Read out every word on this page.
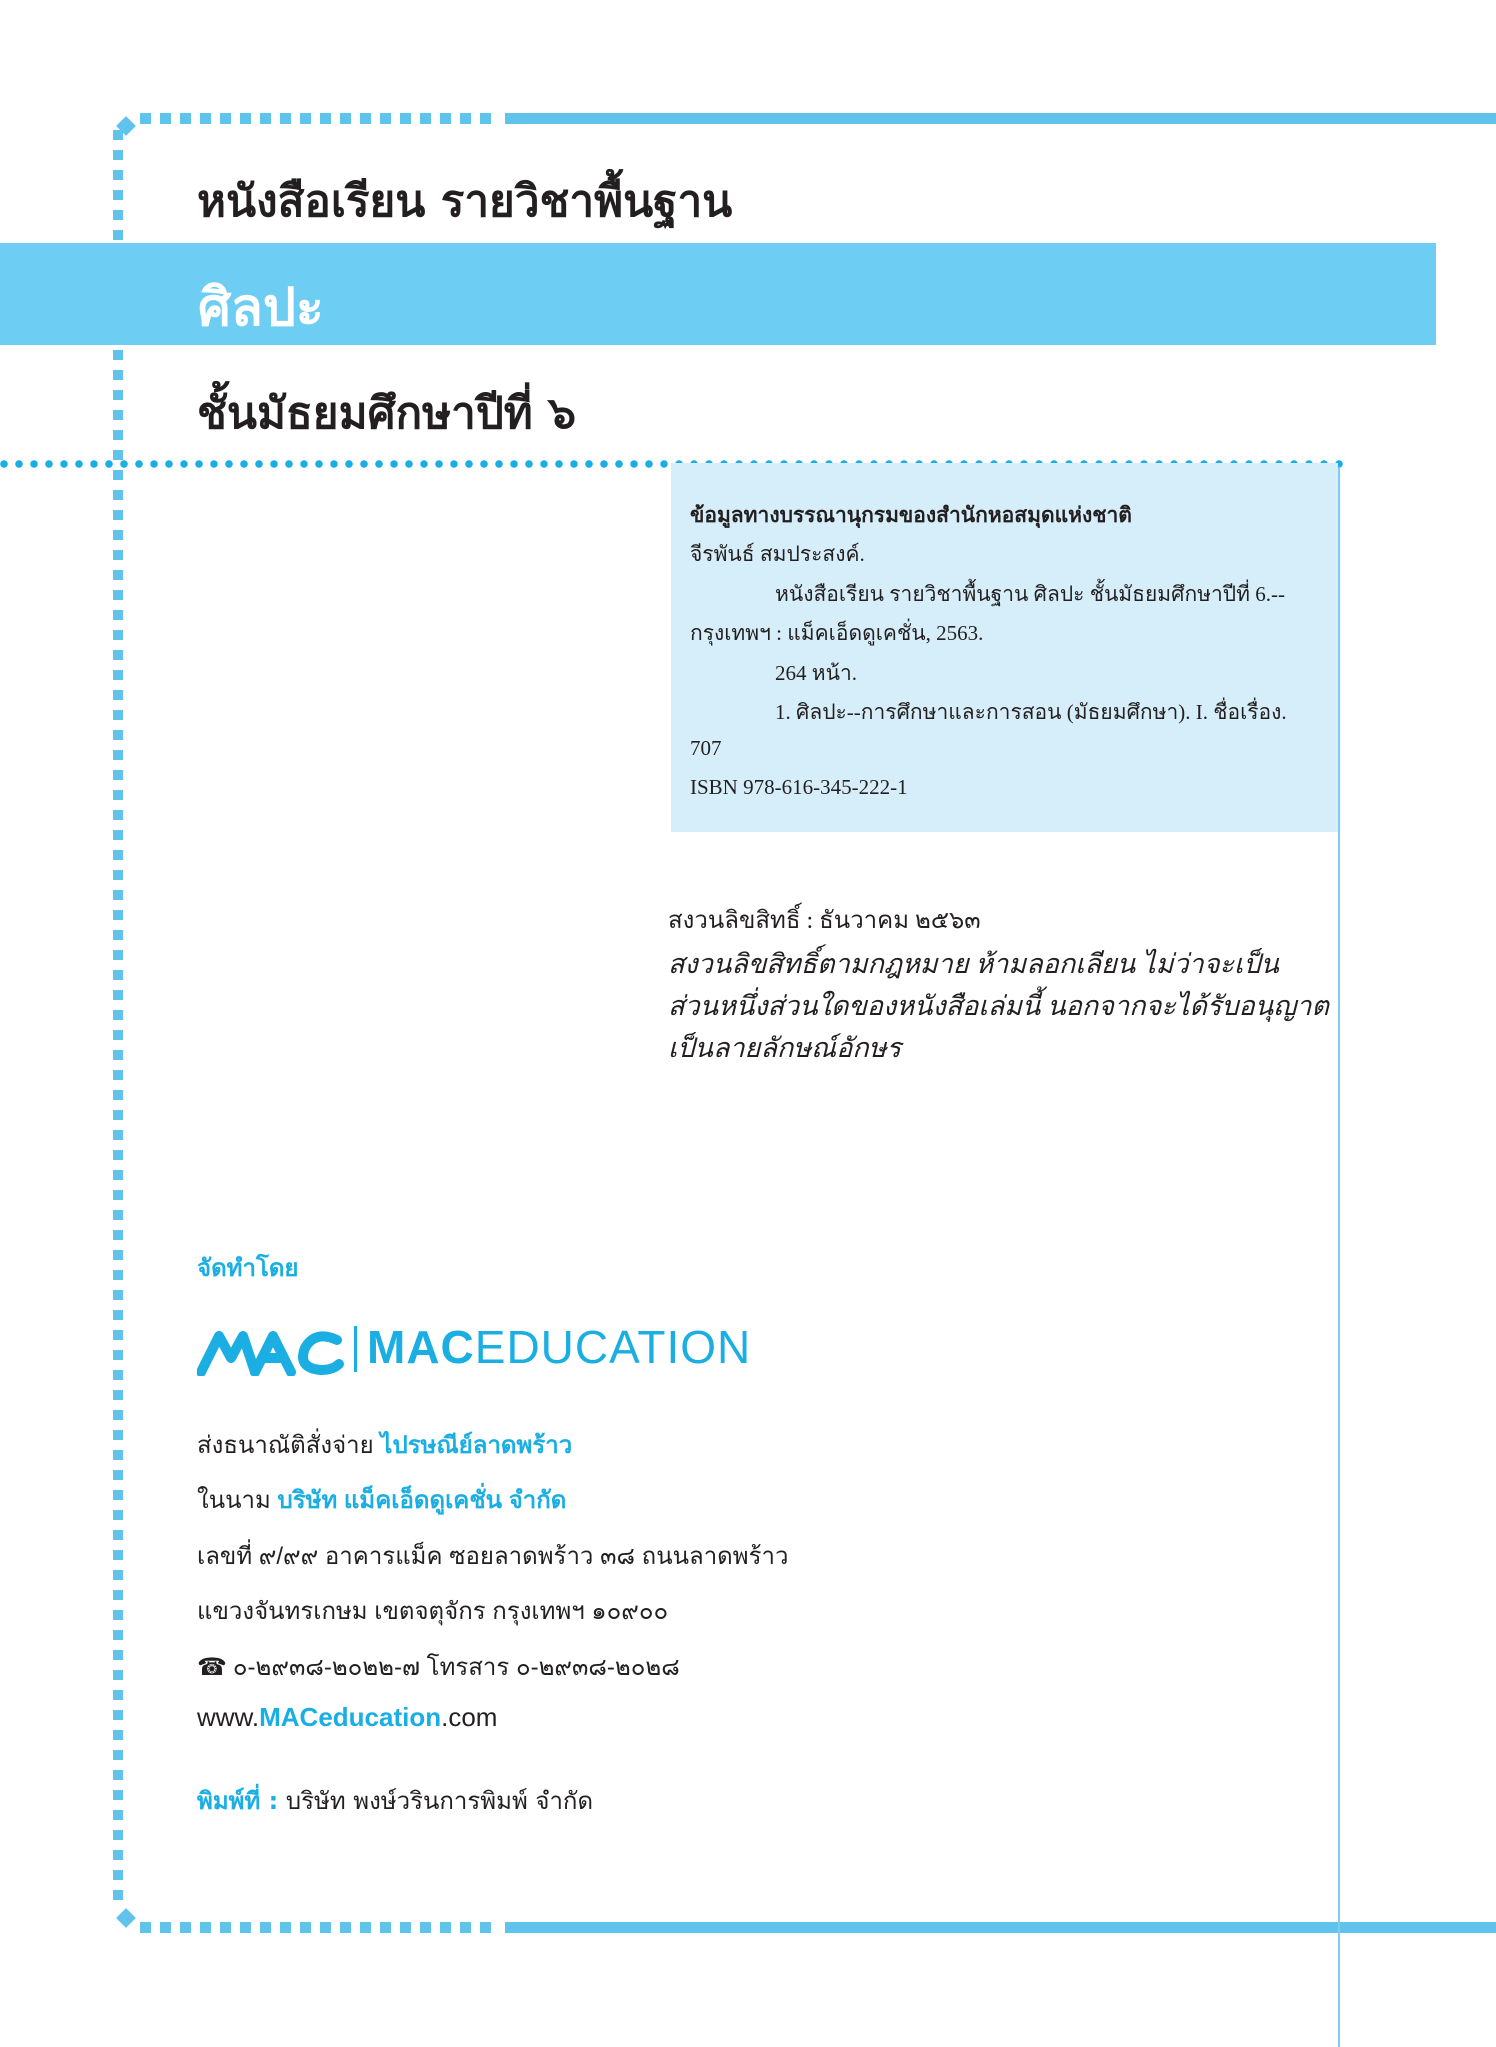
หนังสือเรียน รายวิชาพื้นฐาน
ศิลปะ
ชั้นมัธยมศึกษาปีที่ ๖
ข้อมูลทางบรรณานุกรมของสำนักหอสมุดแห่งชาติ
จีรพันธ์ สมประสงค์.
หนังสือเรียน รายวิชาพื้นฐาน ศิลปะ ชั้นมัธยมศึกษาปีที่ 6.--
กรุงเทพฯ : แม็คเอ็ดดูเคชั่น, 2563.
264 หน้า.
1. ศิลปะ--การศึกษาและการสอน (มัธยมศึกษา). I. ชื่อเรื่อง.
707
ISBN 978-616-345-222-1
สงวนลิขสิทธิ์ : ธันวาคม ๒๕๖๓
สงวนลิขสิทธิ์ตามกฎหมาย ห้ามลอกเลียน ไม่ว่าจะเป็น
ส่วนหนึ่งส่วนใดของหนังสือเล่มนี้ นอกจากจะได้รับอนุญาต
เป็นลายลักษณ์อักษร
จัดทำโดย
MACEDUCATION
ส่งธนาณัติสั่งจ่าย ไปรษณีย์ลาดพร้าว
ในนาม บริษัท แม็คเอ็ดดูเคชั่น จำกัด
เลขที่ ๙/๙๙ อาคารแม็ค ซอยลาดพร้าว ๓๘ ถนนลาดพร้าว
แขวงจันทรเกษม เขตจตุจักร กรุงเทพฯ ๑๐๙๐๐
☎ ๐-๒๙๓๘-๒๐๒๒-๗ โทรสาร ๐-๒๙๓๘-๒๐๒๘
www.MACeducation.com
พิมพ์ที่ : บริษัท พงษ์วรินการพิมพ์ จำกัด
